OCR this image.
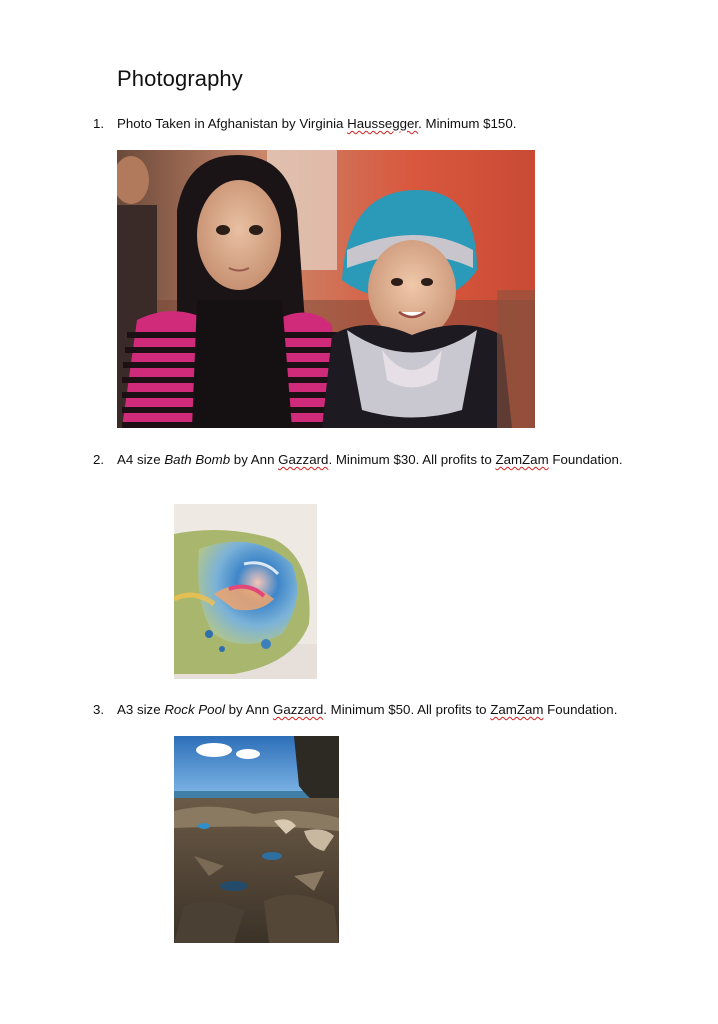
Photography
1. Photo Taken in Afghanistan by Virginia Haussegger. Minimum $150.
2. A4 size Bath Bomb by Ann Gazzard. Minimum $30. All profits to ZamZam Foundation.
3. A3 size Rock Pool by Ann Gazzard. Minimum $50. All profits to ZamZam Foundation.
